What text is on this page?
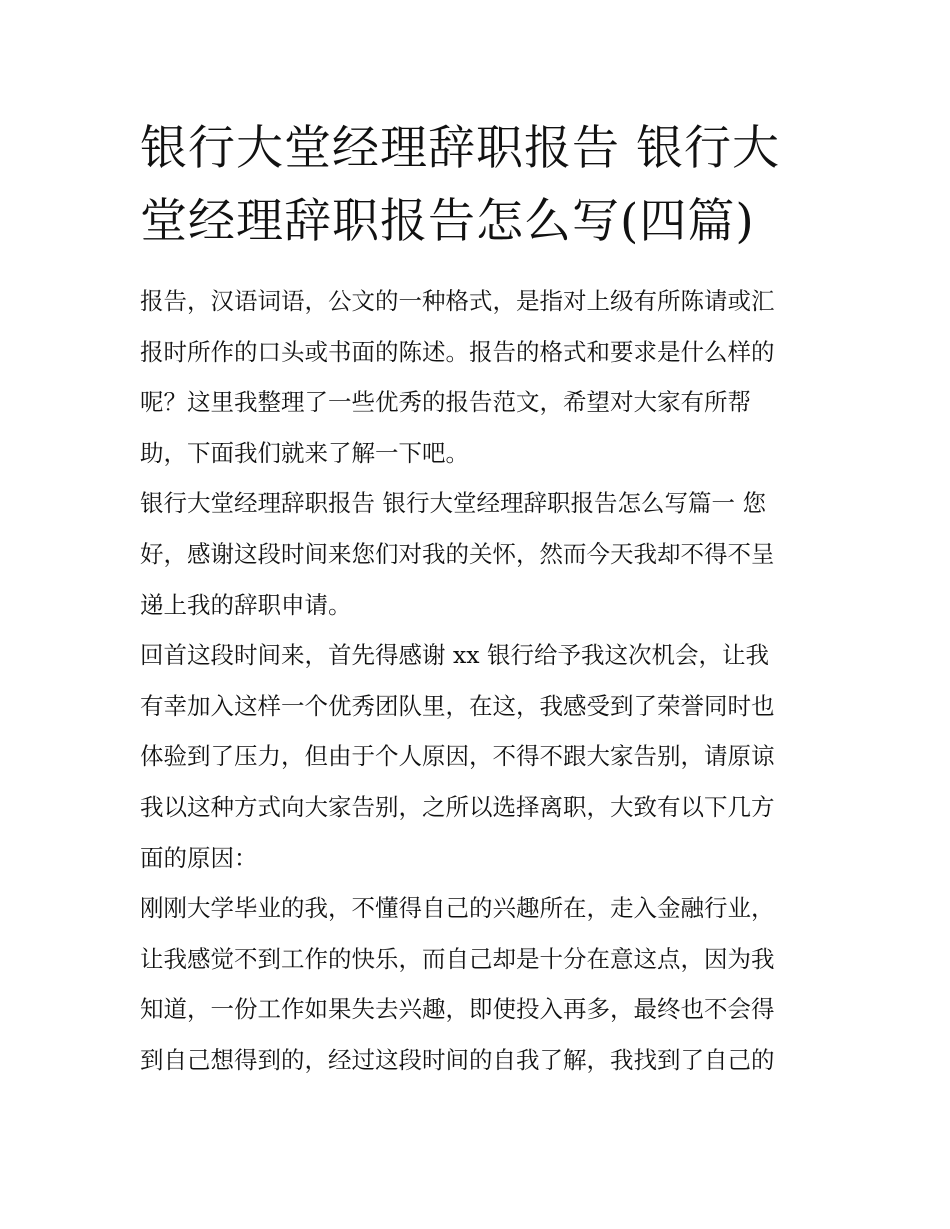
银行大堂经理辞职报告 银行大
堂经理辞职报告怎么写(四篇)

报告，汉语词语，公文的一种格式，是指对上级有所陈请或汇
报时所作的口头或书面的陈述。报告的格式和要求是什么样的
呢？这里我整理了一些优秀的报告范文，希望对大家有所帮
助，下面我们就来了解一下吧。

银行大堂经理辞职报告 银行大堂经理辞职报告怎么写篇一 您
好，感谢这段时间来您们对我的关怀，然而今天我却不得不呈
递上我的辞职申请。

回首这段时间来，首先得感谢 xx 银行给予我这次机会，让我
有幸加入这样一个优秀团队里，在这，我感受到了荣誉同时也
体验到了压力，但由于个人原因，不得不跟大家告别，请原谅
我以这种方式向大家告别，之所以选择离职，大致有以下几方
面的原因：

刚刚大学毕业的我，不懂得自己的兴趣所在，走入金融行业，
让我感觉不到工作的快乐，而自己却是十分在意这点，因为我
知道，一份工作如果失去兴趣，即使投入再多，最终也不会得
到自己想得到的，经过这段时间的自我了解，我找到了自己的
